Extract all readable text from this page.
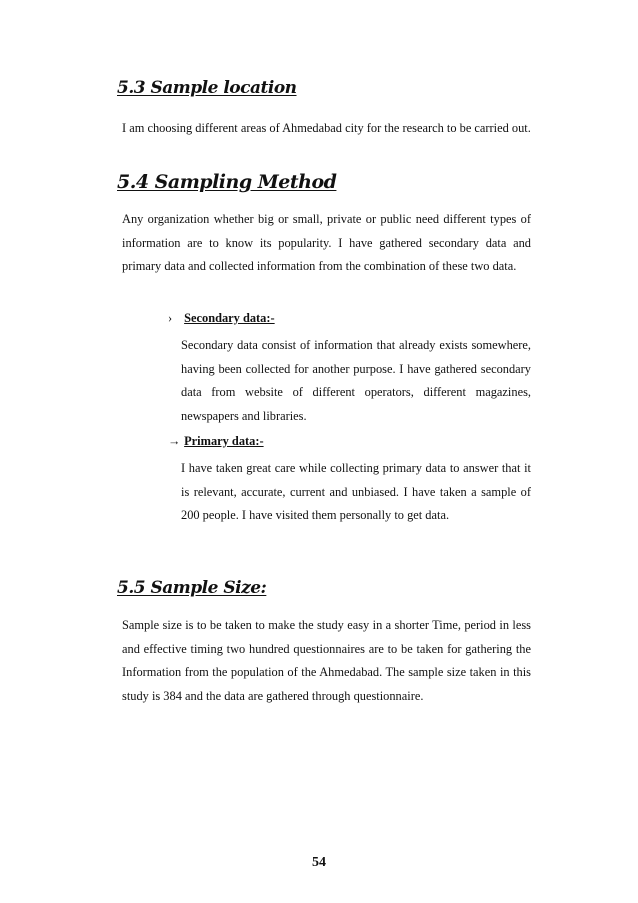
5.3 Sample location

I am choosing different areas of Ahmedabad city for the research to be carried out.

5.4 Sampling Method

Any organization whether big or small, private or public need different types of information are to know its popularity. I have gathered secondary data and primary data and collected information from the combination of these two data.

› Secondary data:-

Secondary data consist of information that already exists somewhere, having been collected for another purpose. I have gathered secondary data from website of different operators, different magazines, newspapers and libraries.

→ Primary data:-

I have taken great care while collecting primary data to answer that it is relevant, accurate, current and unbiased. I have taken a sample of 200 people. I have visited them personally to get data.

5.5 Sample Size:

Sample size is to be taken to make the study easy in a shorter Time, period in less and effective timing two hundred questionnaires are to be taken for gathering the Information from the population of the Ahmedabad. The sample size taken in this study is 384 and the data are gathered through questionnaire.

54
